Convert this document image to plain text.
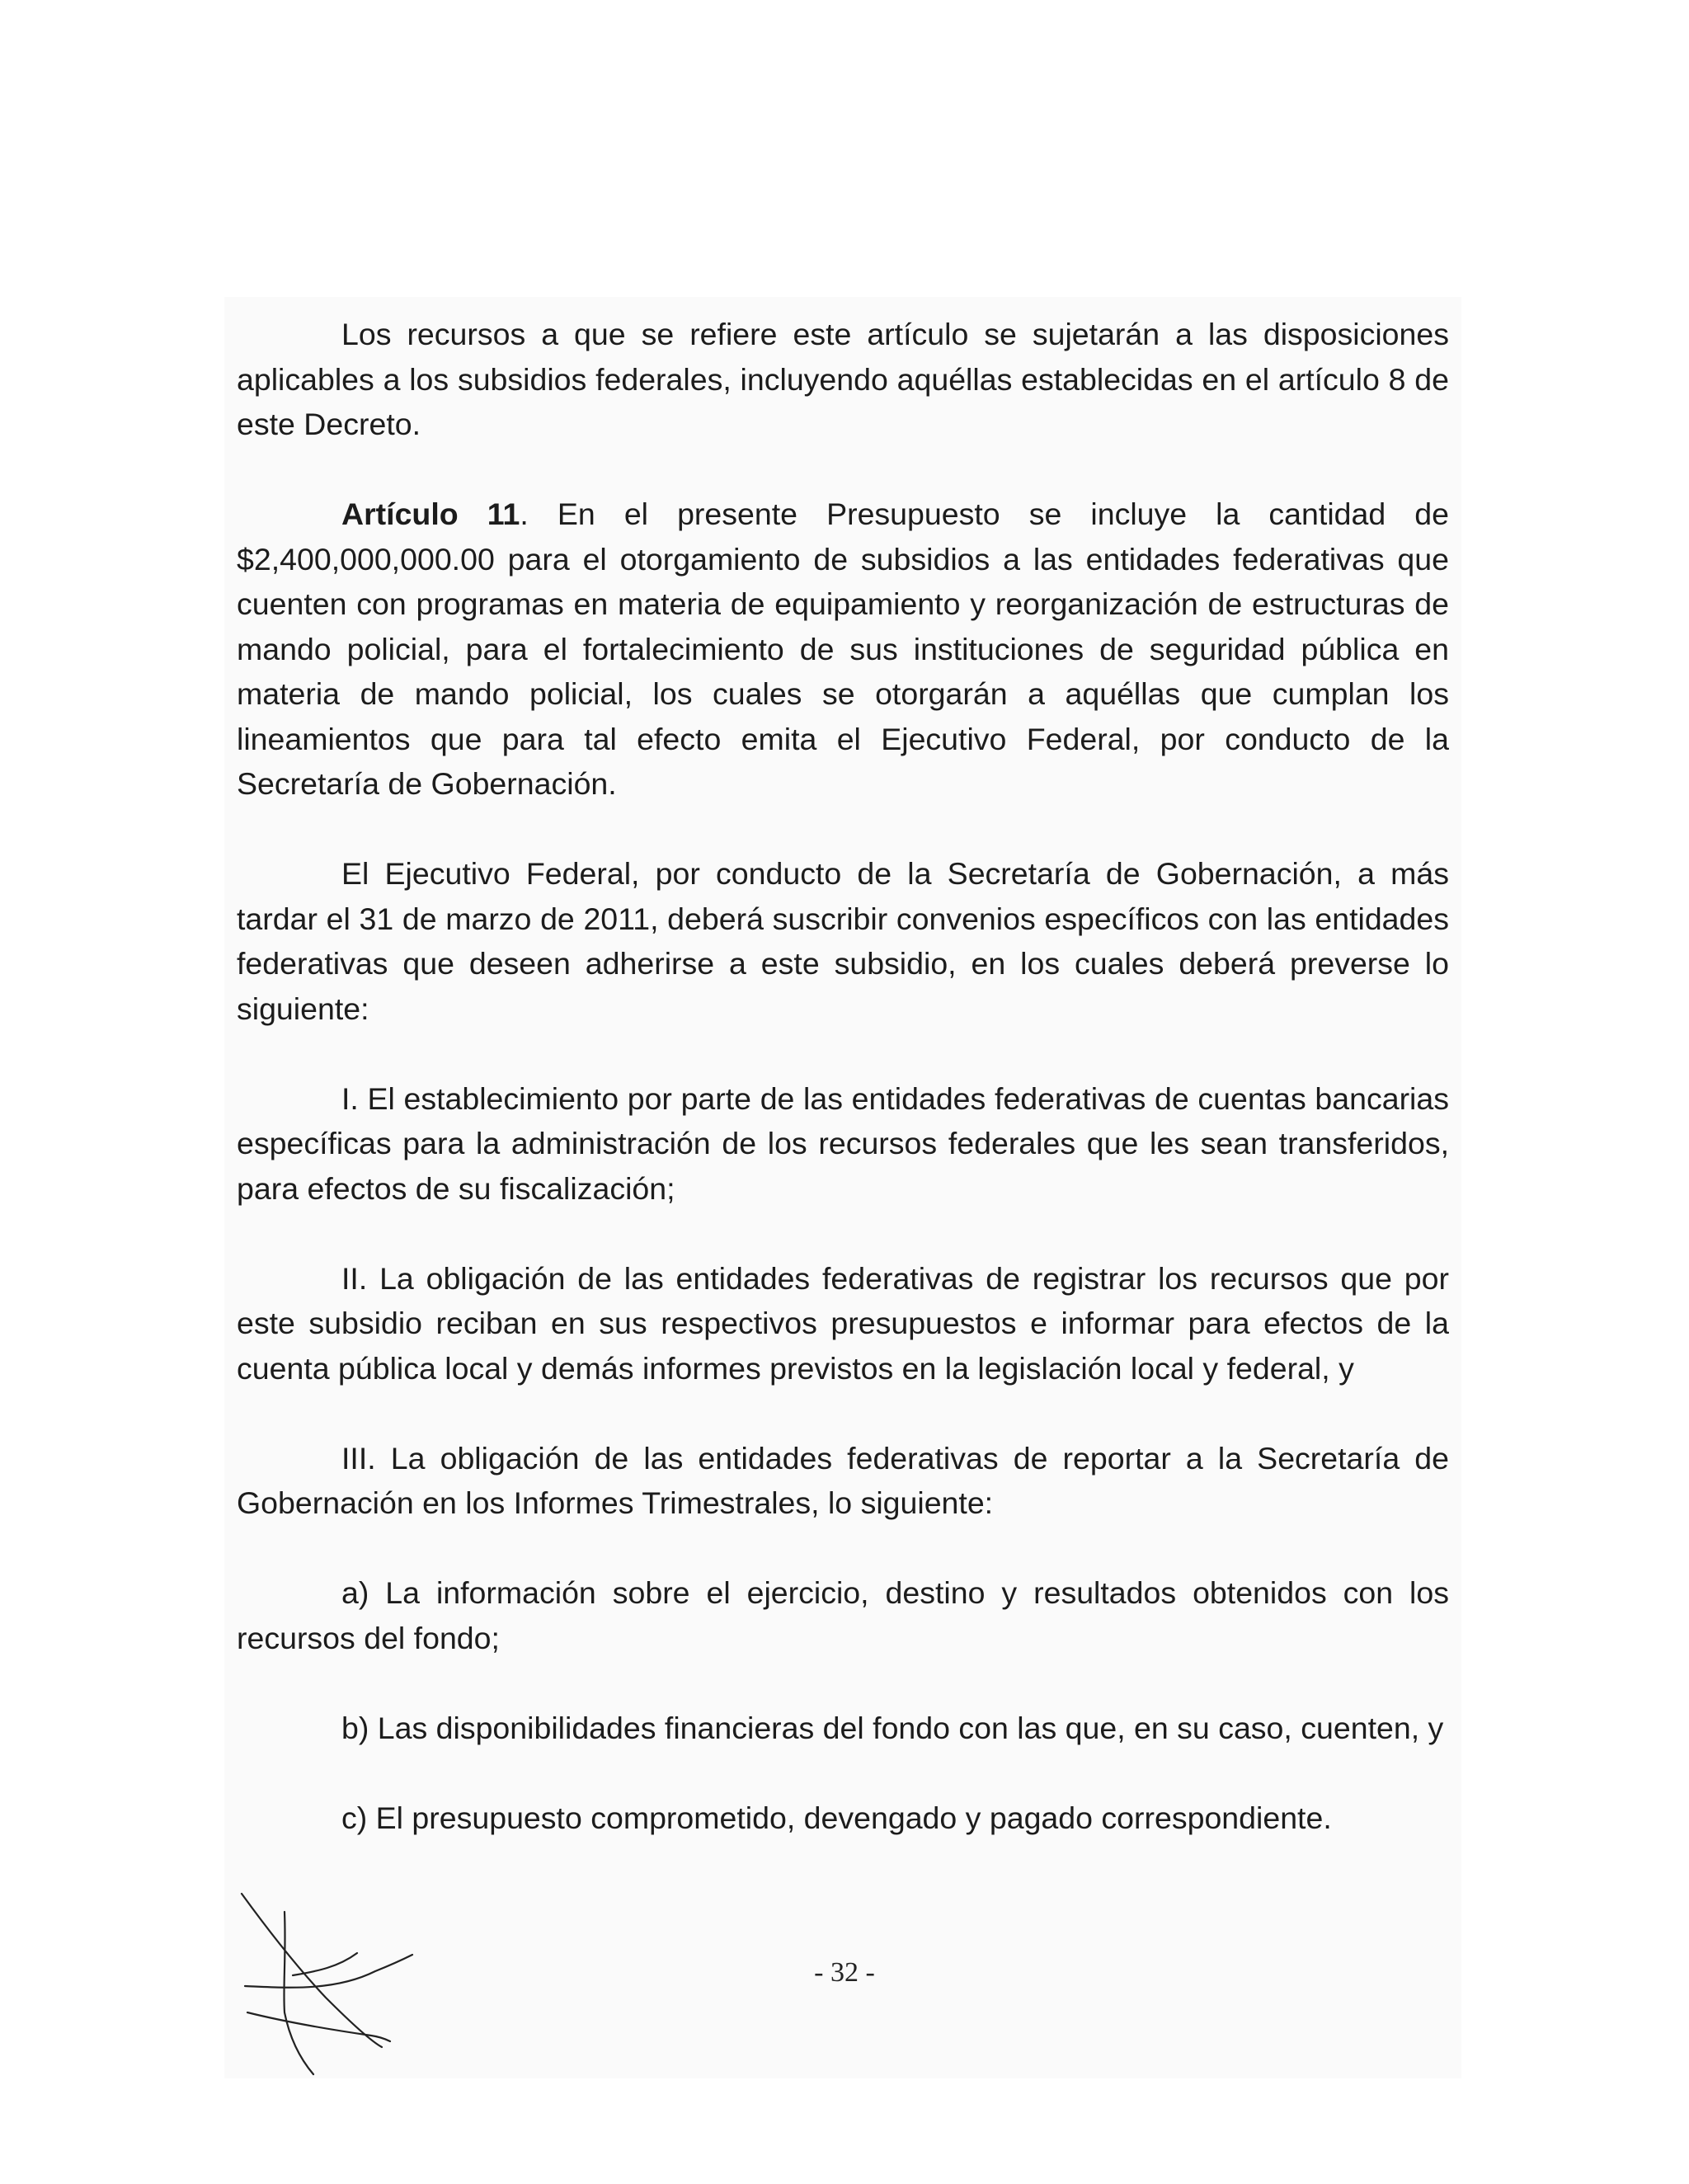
Los recursos a que se refiere este artículo se sujetarán a las disposiciones aplicables a los subsidios federales, incluyendo aquéllas establecidas en el artículo 8 de este Decreto.

Artículo 11. En el presente Presupuesto se incluye la cantidad de $2,400,000,000.00 para el otorgamiento de subsidios a las entidades federativas que cuenten con programas en materia de equipamiento y reorganización de estructuras de mando policial, para el fortalecimiento de sus instituciones de seguridad pública en materia de mando policial, los cuales se otorgarán a aquéllas que cumplan los lineamientos que para tal efecto emita el Ejecutivo Federal, por conducto de la Secretaría de Gobernación.

El Ejecutivo Federal, por conducto de la Secretaría de Gobernación, a más tardar el 31 de marzo de 2011, deberá suscribir convenios específicos con las entidades federativas que deseen adherirse a este subsidio, en los cuales deberá preverse lo siguiente:

I. El establecimiento por parte de las entidades federativas de cuentas bancarias específicas para la administración de los recursos federales que les sean transferidos, para efectos de su fiscalización;

II. La obligación de las entidades federativas de registrar los recursos que por este subsidio reciban en sus respectivos presupuestos e informar para efectos de la cuenta pública local y demás informes previstos en la legislación local y federal, y

III. La obligación de las entidades federativas de reportar a la Secretaría de Gobernación en los Informes Trimestrales, lo siguiente:

a) La información sobre el ejercicio, destino y resultados obtenidos con los recursos del fondo;

b) Las disponibilidades financieras del fondo con las que, en su caso, cuenten, y

c) El presupuesto comprometido, devengado y pagado correspondiente.

- 32 -
